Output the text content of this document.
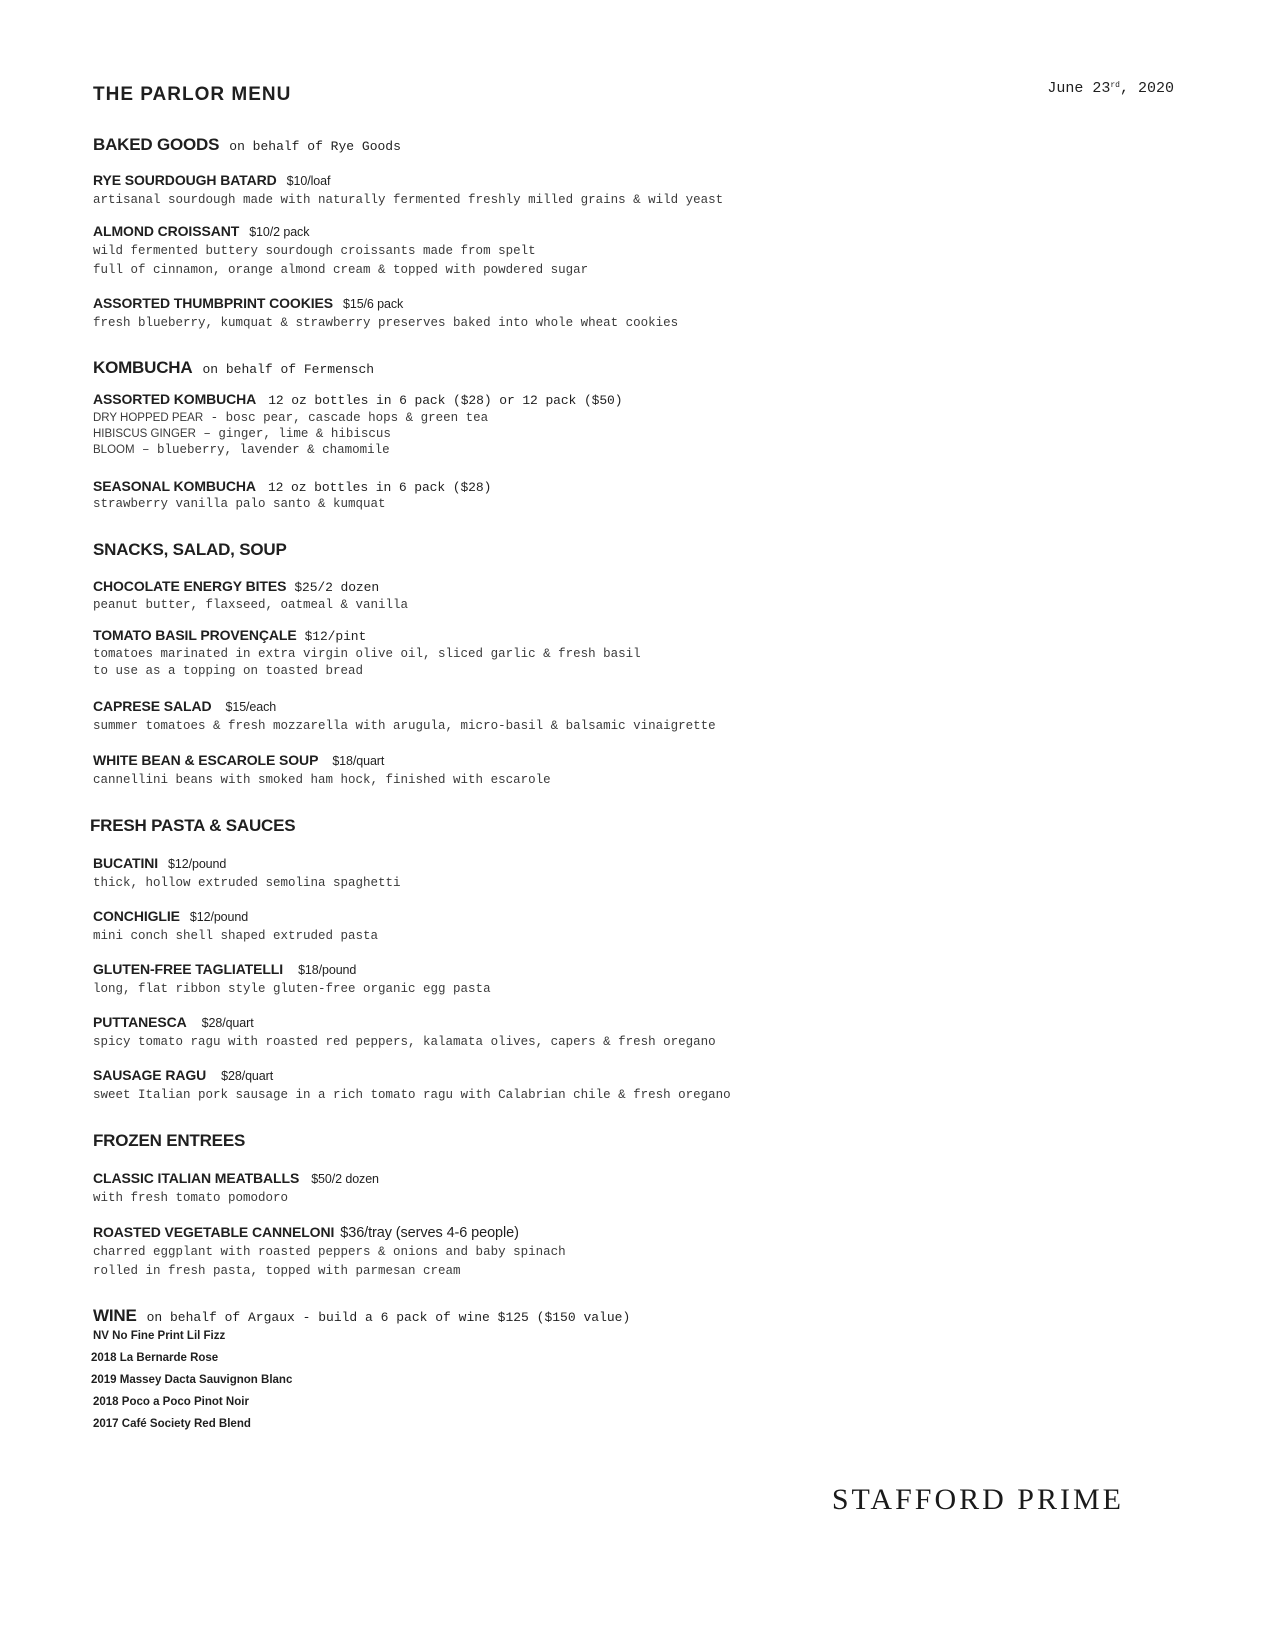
THE PARLOR MENU	June 23rd, 2020
BAKED GOODS on behalf of Rye Goods
RYE SOURDOUGH BATARD $10/loaf
artisanal sourdough made with naturally fermented freshly milled grains & wild yeast
ALMOND CROISSANT $10/2 pack
wild fermented buttery sourdough croissants made from spelt
full of cinnamon, orange almond cream & topped with powdered sugar
ASSORTED THUMBPRINT COOKIES $15/6 pack
fresh blueberry, kumquat & strawberry preserves baked into whole wheat cookies
KOMBUCHA on behalf of Fermensch
ASSORTED KOMBUCHA 12 oz bottles in 6 pack ($28) or 12 pack ($50)
DRY HOPPED PEAR - bosc pear, cascade hops & green tea
HIBISCUS GINGER – ginger, lime & hibiscus
BLOOM – blueberry, lavender & chamomile
SEASONAL KOMBUCHA 12 oz bottles in 6 pack ($28)
strawberry vanilla palo santo & kumquat
SNACKS, SALAD, SOUP
CHOCOLATE ENERGY BITES $25/2 dozen
peanut butter, flaxseed, oatmeal & vanilla
TOMATO BASIL PROVENÇALE $12/pint
tomatoes marinated in extra virgin olive oil, sliced garlic & fresh basil
to use as a topping on toasted bread
CAPRESE SALAD $15/each
summer tomatoes & fresh mozzarella with arugula, micro-basil & balsamic vinaigrette
WHITE BEAN & ESCAROLE SOUP $18/quart
cannellini beans with smoked ham hock, finished with escarole
FRESH PASTA & SAUCES
BUCATINI $12/pound
thick, hollow extruded semolina spaghetti
CONCHIGLIE $12/pound
mini conch shell shaped extruded pasta
GLUTEN-FREE TAGLIATELLI $18/pound
long, flat ribbon style gluten-free organic egg pasta
PUTTANESCA $28/quart
spicy tomato ragu with roasted red peppers, kalamata olives, capers & fresh oregano
SAUSAGE RAGU $28/quart
sweet Italian pork sausage in a rich tomato ragu with Calabrian chile & fresh oregano
FROZEN ENTREES
CLASSIC ITALIAN MEATBALLS $50/2 dozen
with fresh tomato pomodoro
ROASTED VEGETABLE CANNELONI $36/tray (serves 4-6 people)
charred eggplant with roasted peppers & onions and baby spinach
rolled in fresh pasta, topped with parmesan cream
WINE on behalf of Argaux - build a 6 pack of wine $125 ($150 value)
NV No Fine Print Lil Fizz
2018 La Bernarde Rose
2019 Massey Dacta Sauvignon Blanc
2018 Poco a Poco Pinot Noir
2017 Café Society Red Blend
STAFFORD PRIME
